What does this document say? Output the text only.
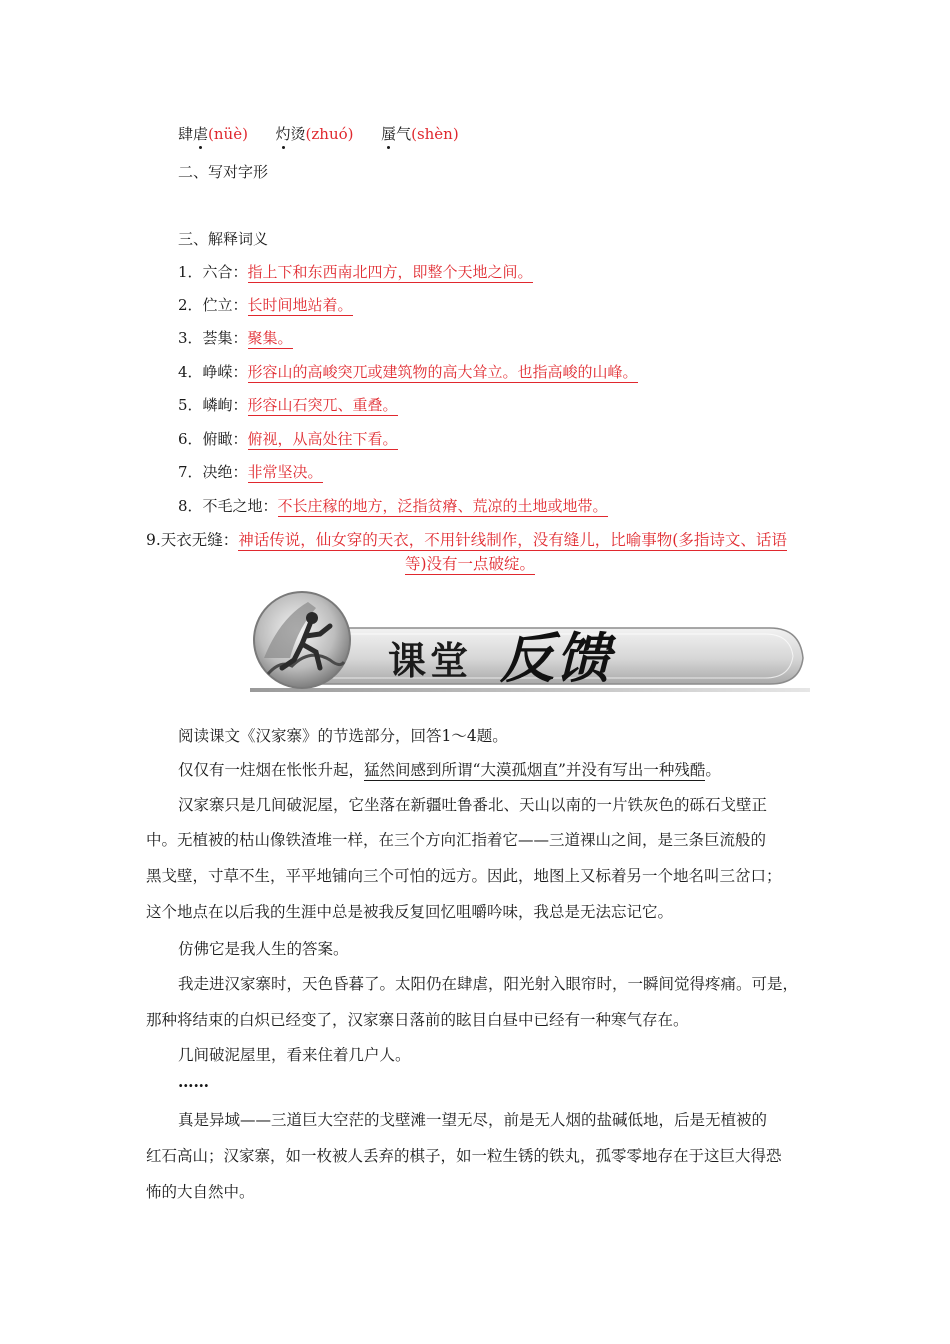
肆虐(nüè) 灼烫(zhuó) 蜃气(shèn)
二、写对字形
三、解释词义
1．六合：指上下和东西南北四方，即整个天地之间。
2．伫立：长时间地站着。
3．荟集：聚集。
4．峥嵘：形容山的高峻突兀或建筑物的高大耸立。也指高峻的山峰。
5．嶙峋：形容山石突兀、重叠。
6．俯瞰：俯视，从高处往下看。
7．决绝：非常坚决。
8．不毛之地：不长庄稼的地方，泛指贫瘠、荒凉的土地或地带。
9.天衣无缝：神话传说，仙女穿的天衣，不用针线制作，没有缝儿，比喻事物(多指诗文、话语
等)没有一点破绽。
课堂 反馈
阅读课文《汉家寨》的节选部分，回答1～4题。
仅仅有一炷烟在怅怅升起，猛然间感到所谓“大漠孤烟直”并没有写出一种残酷。
汉家寨只是几间破泥屋，它坐落在新疆吐鲁番北、天山以南的一片铁灰色的砾石戈壁正
中。无植被的枯山像铁渣堆一样，在三个方向汇指着它——三道裸山之间，是三条巨流般的
黑戈壁，寸草不生，平平地铺向三个可怕的远方。因此，地图上又标着另一个地名叫三岔口；
这个地点在以后我的生涯中总是被我反复回忆咀嚼吟味，我总是无法忘记它。
仿佛它是我人生的答案。
我走进汉家寨时，天色昏暮了。太阳仍在肆虐，阳光射入眼帘时，一瞬间觉得疼痛。可是，
那种将结束的白炽已经变了，汉家寨日落前的眩目白昼中已经有一种寒气存在。
几间破泥屋里，看来住着几户人。
……
真是异域——三道巨大空茫的戈壁滩一望无尽，前是无人烟的盐碱低地，后是无植被的
红石高山；汉家寨，如一枚被人丢弃的棋子，如一粒生锈的铁丸，孤零零地存在于这巨大得恐
怖的大自然中。
